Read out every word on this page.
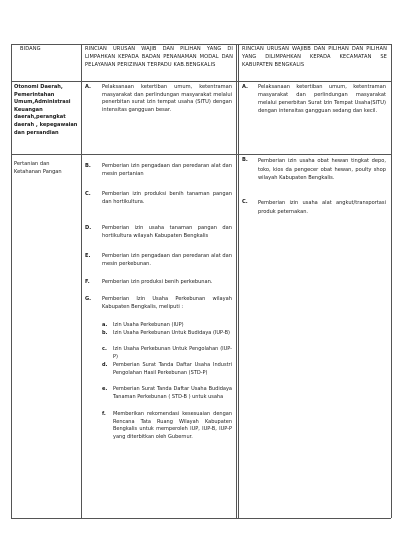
BIDANG	RINCIAN URUSAN WAJIB DAN PILIHAN YANG DI LIMPAHKAN KEPADA BADAN PENANAMAN MODAL DAN PELAYANAN PERIZINAN TERPADU KAB.BENGKALIS
RINCIAN URUSAN WAJIBB DAN PILIHAN DAN PILIHAN YANG DILIMPAHKAN KEPADA KECAMATAN SE KABUPATEN BENGKALIS
Otonomi Daerah, Pemerintahan Umum,Administrasi Keuangan daerah,perangkat daerah , kepegawaian dan persandian
A. Pelaksanaan ketertiban umum, ketentraman masyarakat dan perlindungan masyarakat melalui penerbitan surat izin tempat usaha (SITU) dengan intensitas gangguan besar.
A. Pelaksanaan ketertiban umum, ketentraman masyarakat dan perlindungan masyarakat melalui penerbitan Surat Izin Tempat Usaha(SITU) dengan intensitas gangguan sedang dan kecil.
Pertanian dan Ketahanan Pangan
B. Pemberian izin pengadaan dan peredaran alat dan mesin pertanian
C. Pemberian izin produksi benih tanaman pangan dan hortikultura.
D. Pemberian izin usaha tanaman pangan dan hortikultura wilayah Kabupaten Bengkalis
E. Pemberian izin pengadaan dan peredaran alat dan mesin perkebunan.
F. Pemberian izin produksi benih perkebunan.
G. Pemberian Izin Usaha Perkebunan wilayah Kabupaten Bengkalis, meliputi :
a. Izin Usaha Perkebunan (IUP)
b. Izin Usaha Perkebunan Untuk Budidaya (IUP-B)
c. Izin Usaha Perkebunan Untuk Pengolahan (IUP-P)
d. Pemberian Surat Tanda Daftar Usaha Industri Pengolahan Hasil Perkebunan (STD-P)
e. Pemberian Surat Tanda Daftar Usaha Budidaya Tanaman Perkebunan ( STD-B ) untuk usaha
f. Memberikan rekomendasi kesesuaian dengan Rencana Tata Ruang Wilayah Kabupaten Bengkalis untuk memperoleh IUP, IUP-B, IUP-P yang diterbitkan oleh Gubernur.
B. Pemberian izin usaha obat hewan tingkat depo, toko, kios da pengecer obat hewan, poulty shop wilayah Kabupaten Bengkalis.
C. Pemberian izin usaha alat angkut/transportasi produk peternakan.
